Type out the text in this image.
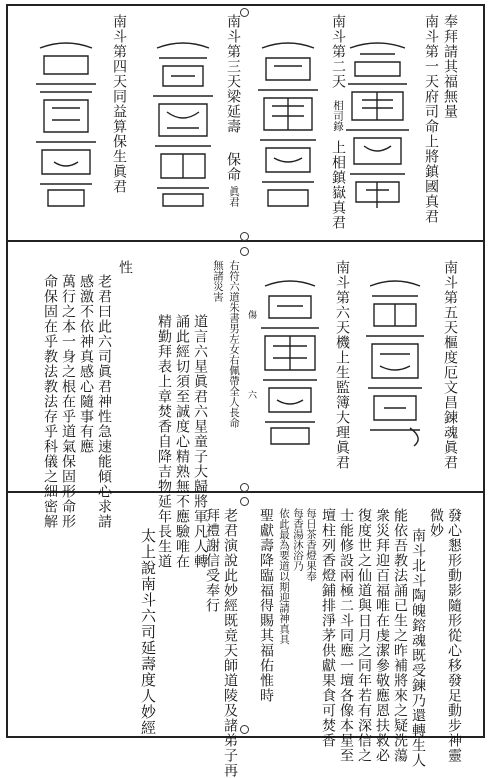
奉拜請其福無量
南斗第一天府司命上將鎮國真君
南斗第二天
相司錄
上相鎮嶽真君
南斗第三天梁延壽
保命
眞君
南斗第四天同益算保生眞君
南斗第五天樞度厄文昌鍊魂眞君
南斗第六天機上生監簿大理眞君
右符六道朱書男左女右佩帶全人長命
無諸災害
傷
六
道言六星眞君六星童子大歸將軍凡人轉
誦此經切須至誠度心精熟無不應驗唯在
精勤拜表上章焚香自降吉物延年長生道
性
老君曰此六司眞君神性急速能傾心求請
感激不依神真感心隨事有應
萬行之本一身之根在乎道氣保固形命形
命保固在乎教法教法存乎科儀之細密解
發心懇形動影隨形從心移發足動步神靈
微妙
南斗北斗陶魄鎔魂既受鍊乃還轉生人
能依吾教法誦已生之昨補將來之疑洗蕩
衆災拜迎百福唯在虔潔參敬應恩扶救必
復度世之仙道與日月之同年若有深信之
士能修設兩極二斗同應一壇各像本星至
壇柱列香燈鋪排淨茅供獻果食可焚香
每日茶香燈果奉
每香湯沐浴乃
依此最為要道以期迎請神真具
聖獻壽降臨福得賜其福佑惟時
老君演說此妙經既竟天師道陵及諸弟子再
拜禮謝信受奉行
太上說南斗六司延壽度人妙經
